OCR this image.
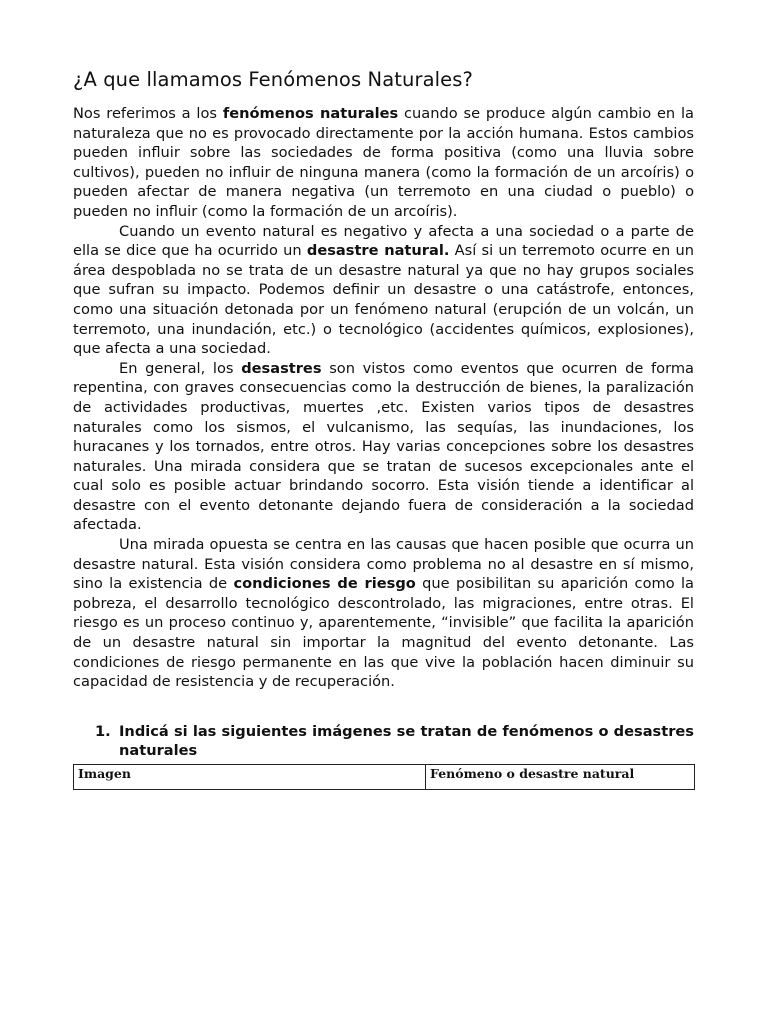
¿A que llamamos Fenómenos Naturales?

Nos referimos a los fenómenos naturales cuando se produce algún cambio en la naturaleza que no es provocado directamente por la acción humana. Estos cambios pueden influir sobre las sociedades de forma positiva (como una lluvia sobre cultivos), pueden no influir de ninguna manera (como la formación de un arcoíris) o pueden afectar de manera negativa (un terremoto en una ciudad o pueblo) o pueden no influir (como la formación de un arcoíris).

Cuando un evento natural es negativo y afecta a una sociedad o a parte de ella se dice que ha ocurrido un desastre natural. Así si un terremoto ocurre en un área despoblada no se trata de un desastre natural ya que no hay grupos sociales que sufran su impacto. Podemos definir un desastre o una catástrofe, entonces, como una situación detonada por un fenómeno natural (erupción de un volcán, un terremoto, una inundación, etc.) o tecnológico (accidentes químicos, explosiones), que afecta a una sociedad.

En general, los desastres son vistos como eventos que ocurren de forma repentina, con graves consecuencias como la destrucción de bienes, la paralización de actividades productivas, muertes ,etc. Existen varios tipos de desastres naturales como los sismos, el vulcanismo, las sequías, las inundaciones, los huracanes y los tornados, entre otros. Hay varias concepciones sobre los desastres naturales. Una mirada considera que se tratan de sucesos excepcionales ante el cual solo es posible actuar brindando socorro. Esta visión tiende a identificar al desastre con el evento detonante dejando fuera de consideración a la sociedad afectada.

Una mirada opuesta se centra en las causas que hacen posible que ocurra un desastre natural. Esta visión considera como problema no al desastre en sí mismo, sino la existencia de condiciones de riesgo que posibilitan su aparición como la pobreza, el desarrollo tecnológico descontrolado, las migraciones, entre otras. El riesgo es un proceso continuo y, aparentemente, “invisible” que facilita la aparición de un desastre natural sin importar la magnitud del evento detonante. Las condiciones de riesgo permanente en las que vive la población hacen diminuir su capacidad de resistencia y de recuperación.

1. Indicá si las siguientes imágenes se tratan de fenómenos o desastres naturales
Imagen	Fenómeno o desastre natural
